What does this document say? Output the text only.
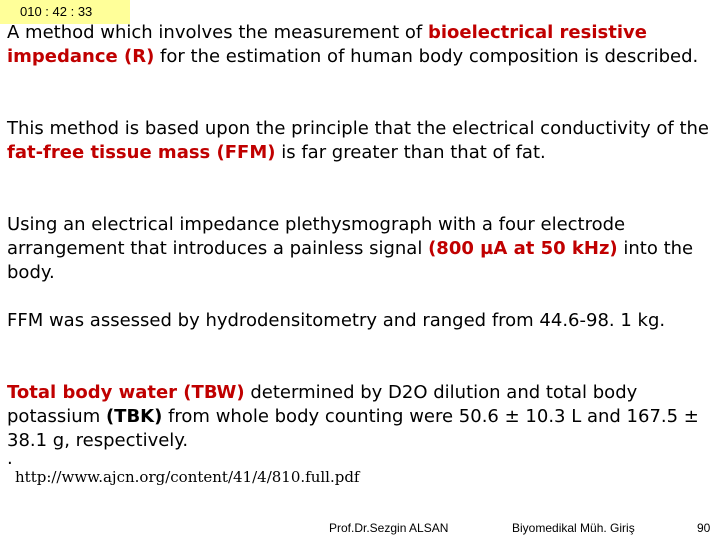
010 : 42 : 33

A method which involves the measurement of bioelectrical resistive impedance (R) for the estimation of human body composition is described.

This method is based upon the principle that the electrical conductivity of the fat-free tissue mass (FFM) is far greater than that of fat.

Using an electrical impedance plethysmograph with a four electrode arrangement that introduces a painless signal (800 µA at 50 kHz) into the body.

FFM was assessed by hydrodensitometry and ranged from 44.6-98. 1 kg.

Total body water (TBW) determined by D2O dilution and total body potassium (TBK) from whole body counting were 50.6 ± 10.3 L and 167.5 ± 38.1 g, respectively.

.
http://www.ajcn.org/content/41/4/810.full.pdf
Prof.Dr.Sezgin ALSAN	Biyomedikal Müh. Giriş	90
